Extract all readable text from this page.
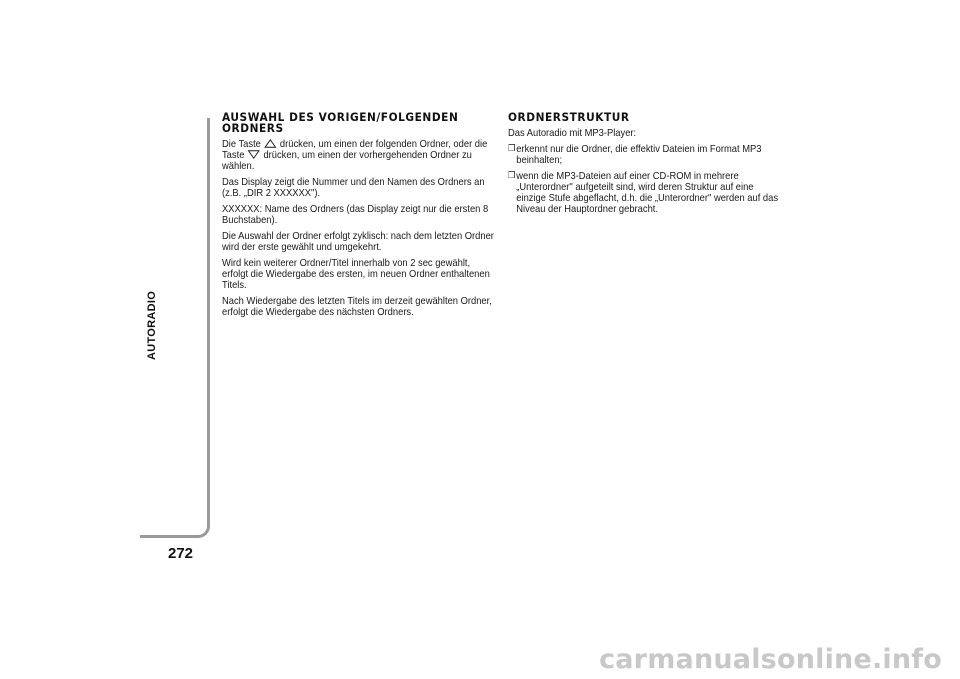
AUTORADIO
272
AUSWAHL DES VORIGEN/FOLGENDEN ORDNERS

Die Taste drücken, um einen der folgenden Ordner, oder die Taste drücken, um einen der vorhergehenden Ordner zu wählen.

Das Display zeigt die Nummer und den Namen des Ordners an (z.B. „DIR 2 XXXXXX").

XXXXXX: Name des Ordners (das Display zeigt nur die ersten 8 Buchstaben).

Die Auswahl der Ordner erfolgt zyklisch: nach dem letzten Ordner wird der erste gewählt und umgekehrt.

Wird kein weiterer Ordner/Titel innerhalb von 2 sec gewählt, erfolgt die Wiedergabe des ersten, im neuen Ordner enthaltenen Titels.

Nach Wiedergabe des letzten Titels im derzeit gewählten Ordner, erfolgt die Wiedergabe des nächsten Ordners.

ORDNERSTRUKTUR

Das Autoradio mit MP3-Player:

❒ erkennt nur die Ordner, die effektiv Dateien im Format MP3 beinhalten;
❒ wenn die MP3-Dateien auf einer CD-ROM in mehrere „Unterordner" aufgeteilt sind, wird deren Struktur auf eine einzige Stufe abgeflacht, d.h. die „Unterordner" werden auf das Niveau der Hauptordner gebracht.
carmanualsonline.info
